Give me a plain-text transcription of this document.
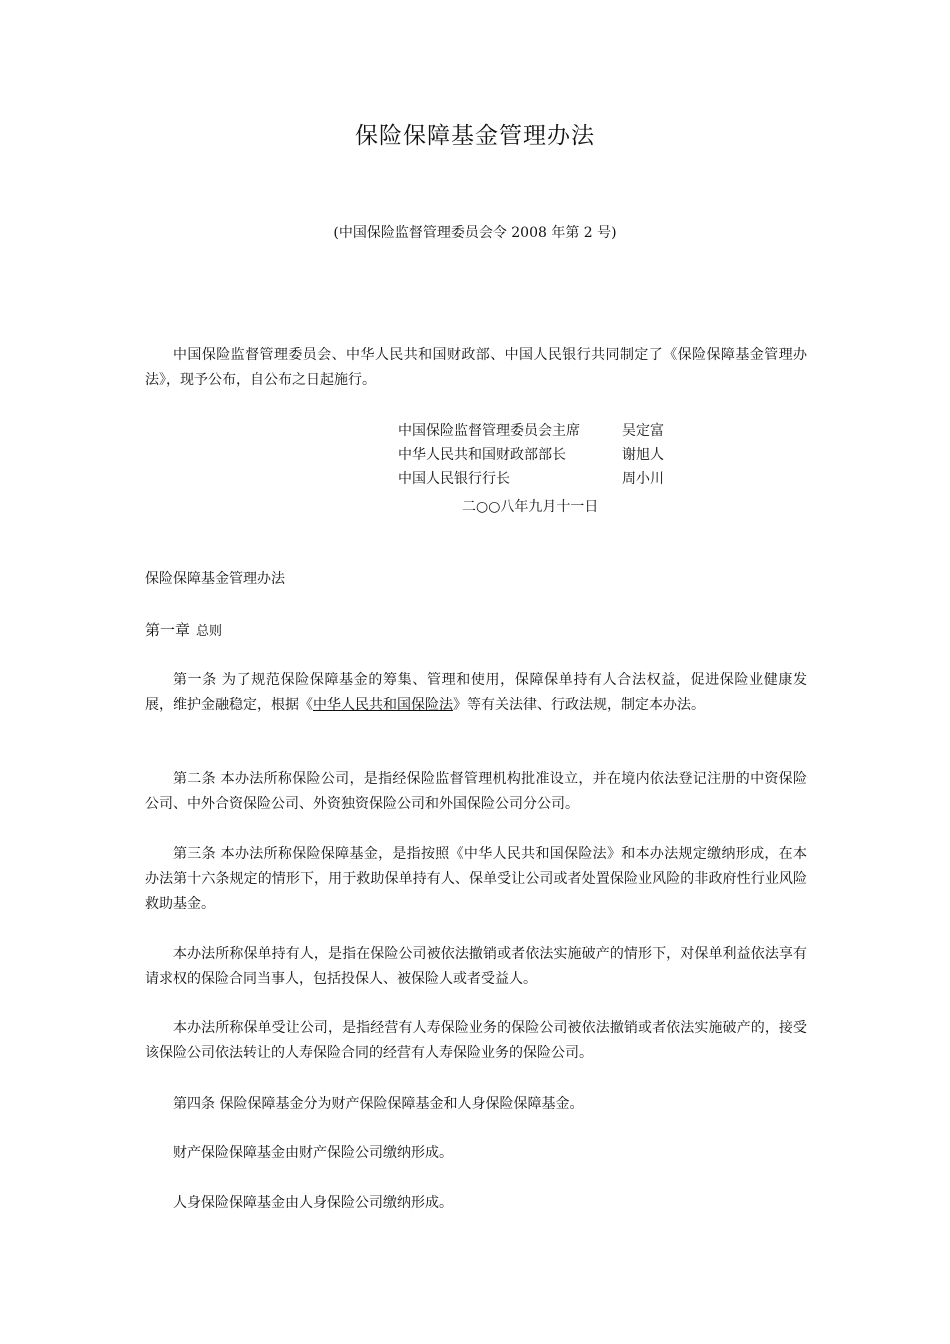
保险保障基金管理办法
(中国保险监督管理委员会令 2008 年第 2 号)
中国保险监督管理委员会、中华人民共和国财政部、中国人民银行共同制定了《保险保障基金管理办法》，现予公布，自公布之日起施行。
中国保险监督管理委员会主席	吴定富
中华人民共和国财政部部长	谢旭人
中国人民银行行长	周小川
二○○八年九月十一日
保险保障基金管理办法
第一章 总则
第一条 为了规范保险保障基金的筹集、管理和使用，保障保单持有人合法权益，促进保险业健康发展，维护金融稳定，根据《中华人民共和国保险法》等有关法律、行政法规，制定本办法。
第二条 本办法所称保险公司，是指经保险监督管理机构批准设立，并在境内依法登记注册的中资保险公司、中外合资保险公司、外资独资保险公司和外国保险公司分公司。
第三条 本办法所称保险保障基金，是指按照《中华人民共和国保险法》和本办法规定缴纳形成，在本办法第十六条规定的情形下，用于救助保单持有人、保单受让公司或者处置保险业风险的非政府性行业风险救助基金。
本办法所称保单持有人，是指在保险公司被依法撤销或者依法实施破产的情形下，对保单利益依法享有请求权的保险合同当事人，包括投保人、被保险人或者受益人。
本办法所称保单受让公司，是指经营有人寿保险业务的保险公司被依法撤销或者依法实施破产的，接受该保险公司依法转让的人寿保险合同的经营有人寿保险业务的保险公司。
第四条 保险保障基金分为财产保险保障基金和人身保险保障基金。
财产保险保障基金由财产保险公司缴纳形成。
人身保险保障基金由人身保险公司缴纳形成。
